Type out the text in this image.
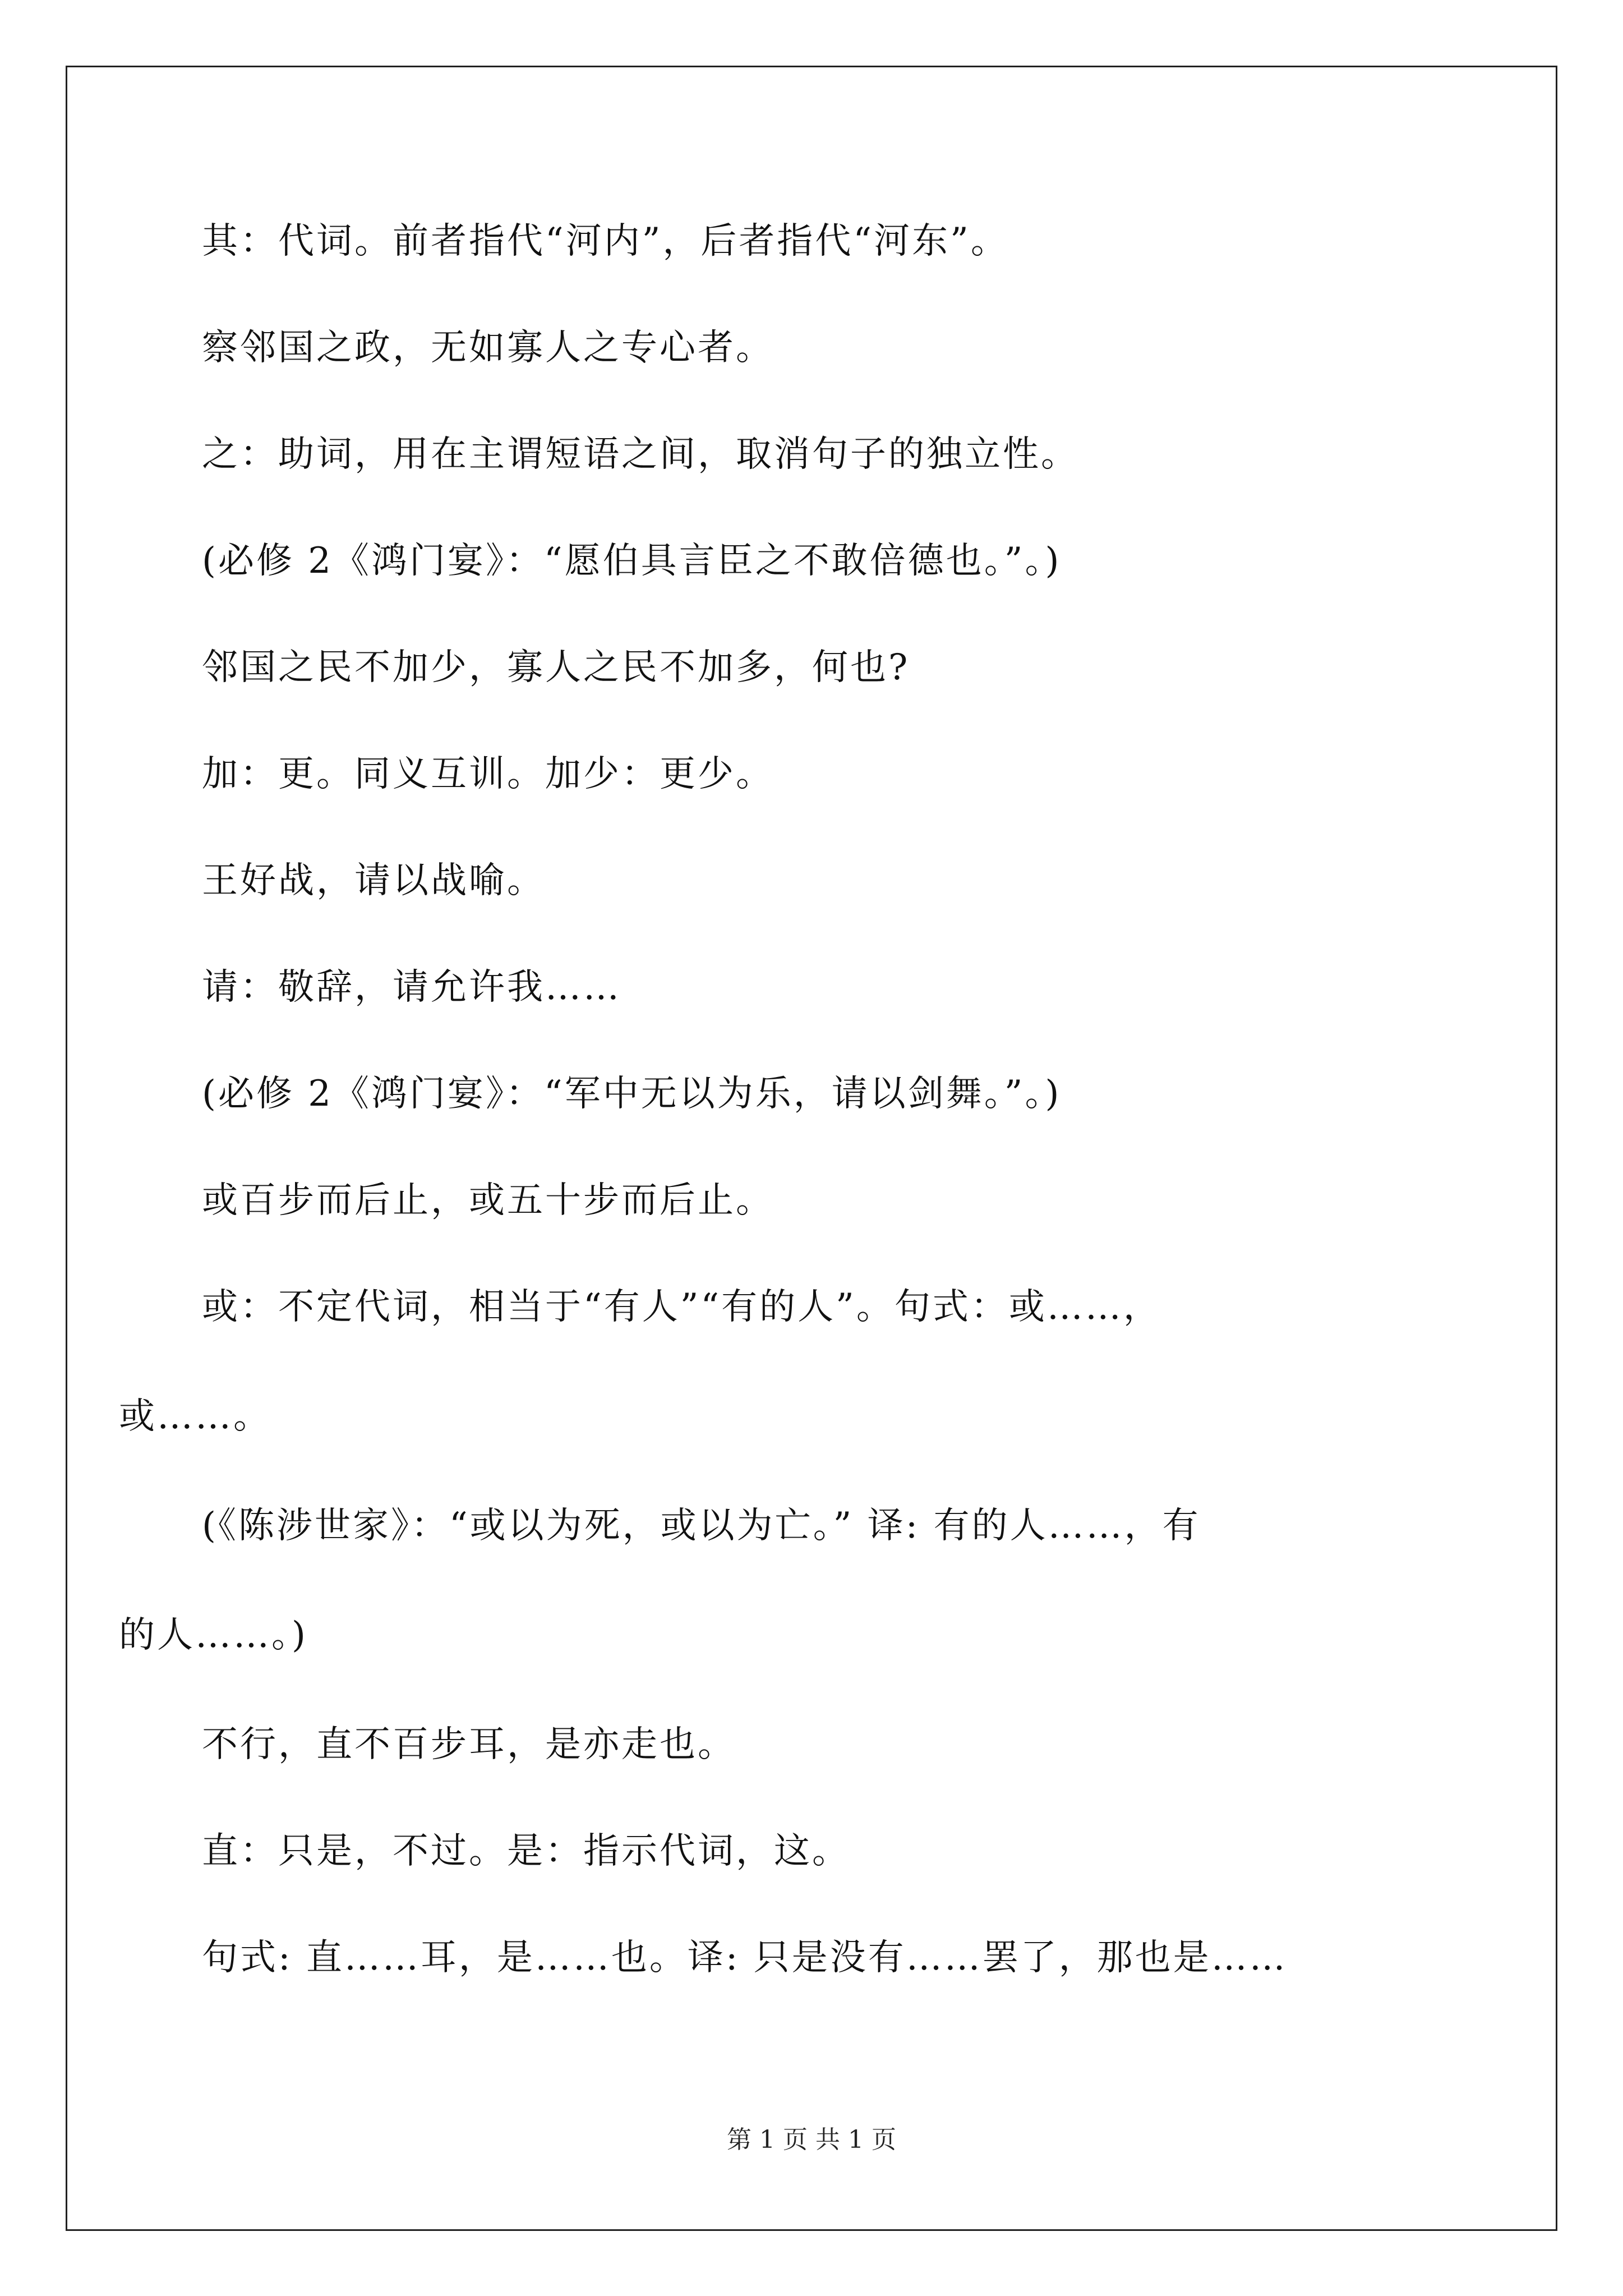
其：代词。前者指代“河内”，后者指代“河东”。
察邻国之政，无如寡人之专心者。
之：助词，用在主谓短语之间，取消句子的独立性。
(必修 2《鸿门宴》：“愿伯具言臣之不敢倍德也。”。)
邻国之民不加少，寡人之民不加多，何也?
加：更。同义互训。加少：更少。
王好战，请以战喻。
请：敬辞，请允许我……
(必修 2《鸿门宴》：“军中无以为乐，请以剑舞。”。)
或百步而后止，或五十步而后止。
或：不定代词，相当于“有人”“有的人”。句式：或……，
或……。
(《陈涉世家》：“或以为死，或以为亡。” 译: 有的人……，有
的人……。)
不行，直不百步耳，是亦走也。
直：只是，不过。是：指示代词，这。
句式: 直……耳，是……也。译: 只是没有……罢了，那也是……
第 1 页 共 1 页
